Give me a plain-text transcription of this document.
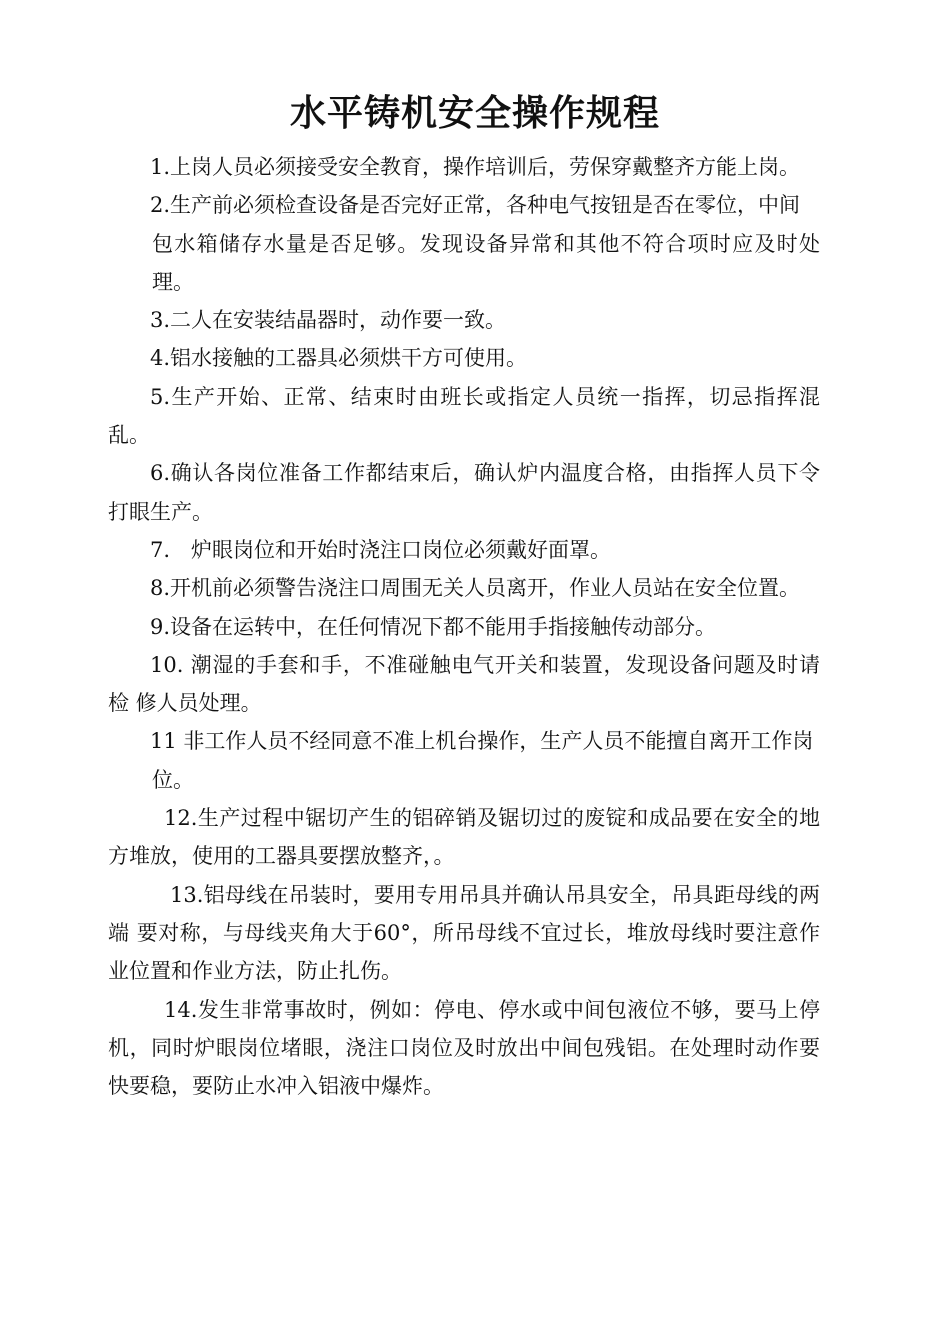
水平铸机安全操作规程

1.上岗人员必须接受安全教育，操作培训后，劳保穿戴整齐方能上岗。

2.生产前必须检查设备是否完好正常，各种电气按钮是否在零位，中间

包水箱储存水量是否足够。发现设备异常和其他不符合项时应及时处理。

3.二人在安装结晶器时，动作要一致。

4.铝水接触的工器具必须烘干方可使用。

5.生产开始、正常、结束时由班长或指定人员统一指挥，切忌指挥混乱。

6.确认各岗位准备工作都结束后，确认炉内温度合格，由指挥人员下令打眼生产。

7.　炉眼岗位和开始时浇注口岗位必须戴好面罩。

8.开机前必须警告浇注口周围无关人员离开，作业人员站在安全位置。

9.设备在运转中，在任何情况下都不能用手指接触传动部分。

10. 潮湿的手套和手，不准碰触电气开关和装置，发现设备问题及时请检 修人员处理。

11 非工作人员不经同意不准上机台操作，生产人员不能擅自离开工作岗

位。

12.生产过程中锯切产生的铝碎销及锯切过的废锭和成品要在安全的地 方堆放，使用的工器具要摆放整齐，。

13.铝母线在吊装时，要用专用吊具并确认吊具安全，吊具距母线的两端 要对称，与母线夹角大于60°，所吊母线不宜过长，堆放母线时要注意作业位置和作业方法，防止扎伤。

14.发生非常事故时，例如：停电、停水或中间包液位不够，要马上停机，同时炉眼岗位堵眼，浇注口岗位及时放出中间包残铝。在处理时动作要 快要稳，要防止水冲入铝液中爆炸。
